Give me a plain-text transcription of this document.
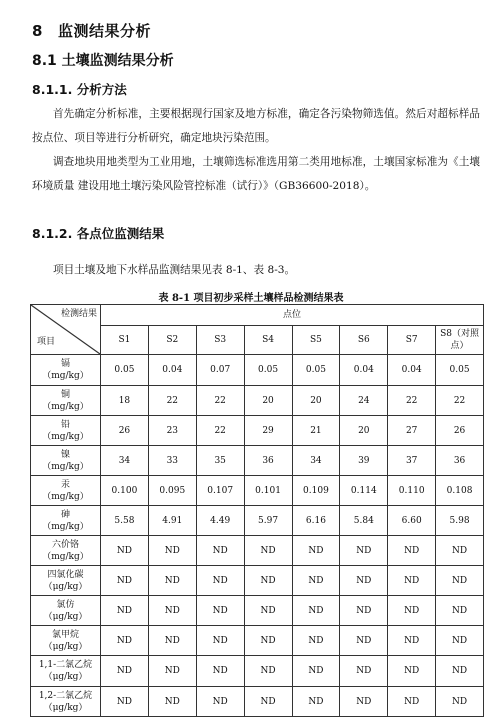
8 监测结果分析
8.1 土壤监测结果分析
8.1.1. 分析方法

首先确定分析标准，主要根据现行国家及地方标准，确定各污染物筛选值。然后对超标样品按点位、项目等进行分析研究，确定地块污染范围。

调查地块用地类型为工业用地，土壤筛选标准选用第二类用地标准，土壤国家标准为《土壤环境质量 建设用地土壤污染风险管控标准（试行）》（GB36600-2018）。

8.1.2. 各点位监测结果

项目土壤及地下水样品监测结果见表 8-1、表 8-3。

表 8-1 项目初步采样土壤样品检测结果表
检测结果
项目	点位							
	S1	S2	S3	S4	S5	S6	S7	S8（对照点）

镉
（mg/kg）	0.05	0.04	0.07	0.05	0.05	0.04	0.04	0.05

铜
（mg/kg）	18	22	22	20	20	24	22	22

铅
（mg/kg）	26	23	22	29	21	20	27	26

镍
（mg/kg）	34	33	35	36	34	39	37	36

汞
（mg/kg）	0.100	0.095	0.107	0.101	0.109	0.114	0.110	0.108

砷
（mg/kg）	5.58	4.91	4.49	5.97	6.16	5.84	6.60	5.98

六价铬
（mg/kg）	ND	ND	ND	ND	ND	ND	ND	ND

四氯化碳
（μg/kg）	ND	ND	ND	ND	ND	ND	ND	ND

氯仿
（μg/kg）	ND	ND	ND	ND	ND	ND	ND	ND

氯甲烷
（μg/kg）	ND	ND	ND	ND	ND	ND	ND	ND

1,1-二氯乙烷
（μg/kg）	ND	ND	ND	ND	ND	ND	ND	ND

1,2-二氯乙烷
（μg/kg）	ND	ND	ND	ND	ND	ND	ND	ND
